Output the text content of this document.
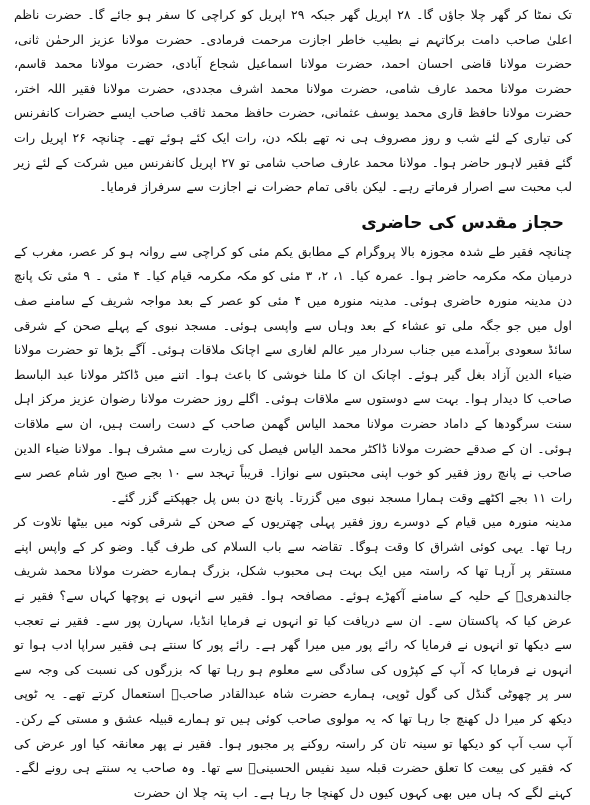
تک نمٹا کر گھر چلا جاؤں گا۔ ۲۸ اپریل گھر جبکہ ۲۹ اپریل کو کراچی کا سفر ہو جائے گا۔ حضرت ناظم اعلیٰ صاحب دامت برکاتہم نے بطیب خاطر اجازت مرحمت فرمادی۔ حضرت مولانا عزیز الرحمٰن ثانی، حضرت مولانا قاضی احسان احمد، حضرت مولانا اسماعیل شجاع آبادی، حضرت مولانا محمد قاسم، حضرت مولانا محمد عارف شامی، حضرت مولانا محمد اشرف مجددی، حضرت مولانا فقیر اللہ اختر، حضرت مولانا حافظ قاری محمد یوسف عثمانی، حضرت حافظ محمد ثاقب صاحب ایسے حضرات کانفرنس کی تیاری کے لئے شب و روز مصروف ہی نہ تھے بلکہ دن، رات ایک کئے ہوئے تھے۔ چنانچہ ۲۶ اپریل رات گئے فقیر لاہور حاضر ہوا۔ مولانا محمد عارف صاحب شامی تو ۲۷ اپریل کانفرنس میں شرکت کے لئے زیر لب محبت سے اصرار فرماتے رہے۔ لیکن باقی تمام حضرات نے اجازت سے سرفراز فرمایا۔

حجاز مقدس کی حاضری

چنانچہ فقیر طے شدہ مجوزہ بالا پروگرام کے مطابق یکم مئی کو کراچی سے روانہ ہو کر عصر، مغرب کے درمیان مکہ مکرمہ حاضر ہوا۔ عمرہ کیا۔ ۱، ۲، ۳ مئی کو مکہ مکرمہ قیام کیا۔ ۴ مئی ۔ ۹ مئی تک پانچ دن مدینہ منورہ حاضری ہوئی۔ مدینہ منورہ میں ۴ مئی کو عصر کے بعد مواجہ شریف کے سامنے صف اول میں جو جگہ ملی تو عشاء کے بعد وہاں سے واپسی ہوئی۔ مسجد نبوی کے پہلے صحن کے شرقی سائڈ سعودی برآمدے میں جناب سردار میر عالم لغاری سے اچانک ملاقات ہوئی۔ آگے بڑھا تو حضرت مولانا ضیاء الدین آزاد بغل گیر ہوئے۔ اچانک ان کا ملنا خوشی کا باعث ہوا۔ اتنے میں ڈاکٹر مولانا عبد الباسط صاحب کا دیدار ہوا۔ بہت سے دوستوں سے ملاقات ہوئی۔ اگلے روز حضرت مولانا رضوان عزیز مرکز اہل سنت سرگودھا کے داماد حضرت مولانا محمد الیاس گھمن صاحب کے دست راست ہیں، ان سے ملاقات ہوئی۔ ان کے صدقے حضرت مولانا ڈاکٹر محمد الیاس فیصل کی زیارت سے مشرف ہوا۔ مولانا ضیاء الدین صاحب نے پانچ روز فقیر کو خوب اپنی محبتوں سے نوازا۔ قریباً تہجد سے ۱۰ بجے صبح اور شام عصر سے رات ۱۱ بجے اکٹھے وقت ہمارا مسجد نبوی میں گزرتا۔ پانچ دن بس پل جھپکتے گزر گئے۔

مدینہ منورہ میں قیام کے دوسرے روز فقیر پہلی چھتریوں کے صحن کے شرقی کونہ میں بیٹھا تلاوت کر رہا تھا۔ یہی کوئی اشراق کا وقت ہوگا۔ تقاضہ سے باب السلام کی طرف گیا۔ وضو کر کے واپس اپنے مستقر پر آرہا تھا کہ راستہ میں ایک بہت ہی محبوب شکل، بزرگ ہمارے حضرت مولانا محمد شریف جالندھریؒ کے حلیہ کے سامنے آکھڑے ہوئے۔ مصافحہ ہوا۔ فقیر سے انہوں نے پوچھا کہاں سے؟ فقیر نے عرض کیا کہ پاکستان سے۔ ان سے دریافت کیا تو انہوں نے فرمایا انڈیا، سہارن پور سے۔ فقیر نے تعجب سے دیکھا تو انہوں نے فرمایا کہ رائے پور میں میرا گھر ہے۔ رائے پور کا سنتے ہی فقیر سراپا ادب ہوا تو انہوں نے فرمایا کہ آپ کے کپڑوں کی سادگی سے معلوم ہو رہا تھا کہ بزرگوں کی نسبت کی وجہ سے سر پر چھوٹی گنڈل کی گول ٹوپی، ہمارے حضرت شاہ عبدالقادر صاحبؒ استعمال کرتے تھے۔ یہ ٹوپی دیکھ کر میرا دل کھنچ جا رہا تھا کہ یہ مولوی صاحب کوئی ہیں تو ہمارے قبیلہ عشق و مستی کے رکن۔ آپ سب آپ کو دیکھا تو سینہ تان کر راستہ روکنے پر مجبور ہوا۔ فقیر نے پھر معانقہ کیا اور عرض کی کہ فقیر کی بیعت کا تعلق حضرت قبلہ سید نفیس الحسینیؒ سے تھا۔ وہ صاحب یہ سنتے ہی رونے لگے۔ کہنے لگے کہ ہاں میں بھی کہوں کیوں دل کھنچا جا رہا ہے۔ اب پتہ چلا ان حضرت
